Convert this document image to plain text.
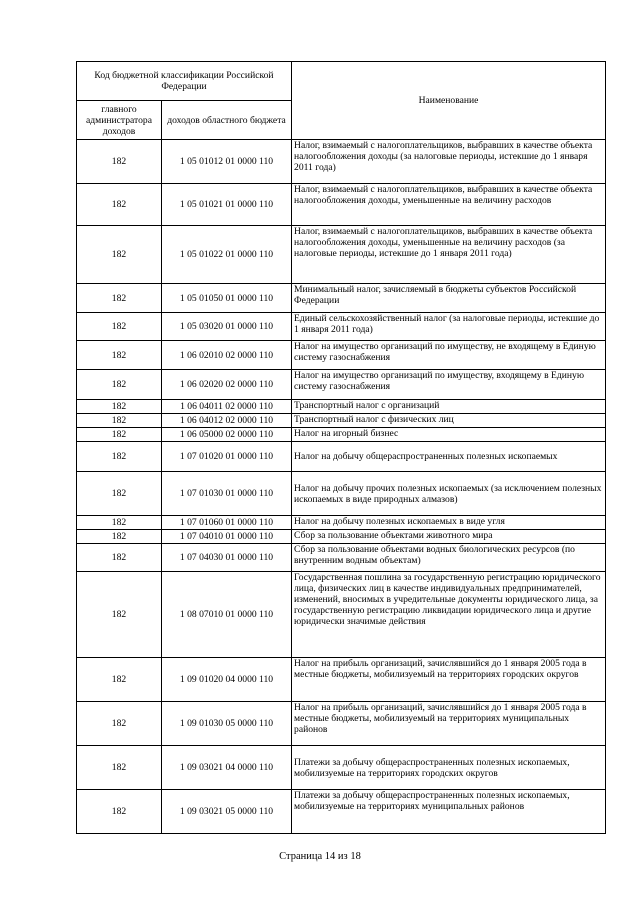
Код бюджетной классификации Российской Федерации		Наименование
главного администратора доходов	доходов областного бюджета	
182	1 05 01012 01 0000 110	Налог, взимаемый с налогоплательщиков, выбравших в качестве объекта налогообложения доходы (за налоговые периоды, истекшие до 1 января 2011 года)
182	1 05 01021 01 0000 110	Налог, взимаемый с налогоплательщиков, выбравших в качестве объекта налогообложения доходы, уменьшенные на величину расходов
182	1 05 01022 01 0000 110	Налог, взимаемый с налогоплательщиков, выбравших в качестве объекта налогообложения доходы, уменьшенные на величину расходов (за налоговые периоды, истекшие до 1 января 2011 года)
182	1 05 01050 01 0000 110	Минимальный налог, зачисляемый в бюджеты субъектов Российской Федерации
182	1 05 03020 01 0000 110	Единый сельскохозяйственный налог (за налоговые периоды, истекшие до 1 января 2011 года)
182	1 06 02010 02 0000 110	Налог на имущество организаций по имуществу, не входящему в Единую систему газоснабжения
182	1 06 02020 02 0000 110	Налог на имущество организаций по имуществу, входящему в Единую систему газоснабжения
182	1 06 04011 02 0000 110	Транспортный налог с организаций
182	1 06 04012 02 0000 110	Транспортный налог с физических лиц
182	1 06 05000 02 0000 110	Налог на игорный бизнес
182	1 07 01020 01 0000 110	Налог на добычу общераспространенных полезных ископаемых
182	1 07 01030 01 0000 110	Налог на добычу прочих полезных ископаемых (за исключением полезных ископаемых в виде природных алмазов)
182	1 07 01060 01 0000 110	Налог на добычу полезных ископаемых в виде угля
182	1 07 04010 01 0000 110	Сбор за пользование объектами животного мира
182	1 07 04030 01 0000 110	Сбор за пользование объектами водных биологических ресурсов (по внутренним водным объектам)
182	1 08 07010 01 0000 110	Государственная пошлина за государственную регистрацию юридического лица, физических лиц в качестве индивидуальных предпринимателей, изменений, вносимых в учредительные документы юридического лица, за государственную регистрацию ликвидации юридического лица и другие юридически значимые действия
182	1 09 01020 04 0000 110	Налог на прибыль организаций, зачислявшийся до 1 января 2005 года в местные бюджеты, мобилизуемый на территориях городских округов
182	1 09 01030 05 0000 110	Налог на прибыль организаций, зачислявшийся до 1 января 2005 года в местные бюджеты, мобилизуемый на территориях муниципальных районов
182	1 09 03021 04 0000 110	Платежи за добычу общераспространенных полезных ископаемых, мобилизуемые на территориях городских округов
182	1 09 03021 05 0000 110	Платежи за добычу общераспространенных полезных ископаемых, мобилизуемые на территориях муниципальных районов
Страница 14 из 18
